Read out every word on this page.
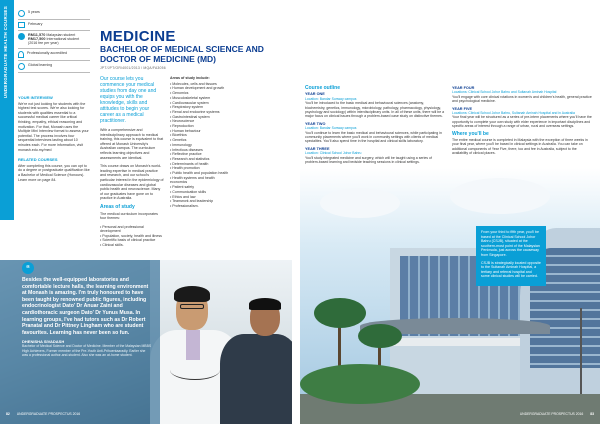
UNDERGRADUATE HEALTH COURSES	5 years
February
RM11,570 Malaysian student
RM17,500 International student
(2016 fee per year)
Professionally accredited
Global learning
YOUR INTERVIEW

We're not just looking for students with the highest test scores. We're also looking for students with qualities essential to a successful medical career like critical thinking, empathy, ethical reasoning and motivation. For that, Monash uses the Multiple Mini Interview format to assess your potential. The process involves four sequential interviews lasting about 10 minutes each. For more information, visit monash.edu.my/med

RELATED COURSES

After completing this course, you can opt to do a degree or postgraduate qualification like a Bachelor of Medical Science (Honours). Learn more on page 84.

MEDICINE
BACHELOR OF MEDICAL SCIENCE AND DOCTOR OF MEDICINE (MD)
JPT/JPT/OR/4001/2013 / MQA/FA3056
Our course lets you commence your medical studies from day one and equips you with the knowledge, skills and attitudes to begin your career as a medical practitioner.

With a comprehensive and interdisciplinary approach to medical training, this course is equivalent to that offered at Monash University's Australian campus. The curriculum reflects learning objectives and assessments are identical.

This course draws on Monash's world-leading expertise in medical practice and research, and our school's particular interest in the epidemiology of cardiovascular diseases and global public health and neuroscience. Many of our graduates have gone on to practice in Australia.

Areas of study

The medical curriculum incorporates four themes:

• Personal and professional development
• Population, society, health and illness
• Scientific basis of clinical practice
• Clinical skills.
Areas of study include:
• Molecules, cells and tissues
• Human development and growth
• Genomics
• Musculoskeletal system
• Cardiovascular system
• Respiratory system
• Renal and endocrine systems
• Gastrointestinal system
• Neuroscience
• Reproduction
• Human behaviour
• Bioethics
• Genetics
• Immunology
• Infectious diseases
• Reflective practice
• Research and statistics
• Determinants of health
• Health promotion
• Public health and population health
• Health systems and health economics
• Patient safety
• Communication skills
• Ethics and law
• Teamwork and leadership
• Professionalism.
Course outline
YEAR ONE
Location: Bandar Sunway campus

You'll be introduced to the basic medical and behavioural sciences (anatomy, biochemistry, genetics, immunology, microbiology, pathology, pharmacology, physiology, psychology and sociology) within interdisciplinary units. In all of these units, there will be a major focus on clinical issues through a problem-based case study on distinctive themes.

YEAR TWO
Location: Bandar Sunway campus

You'll continue to learn the basic medical and behavioural sciences, while participating in community placements where you'll work in community settings with clients of medical specialties. You'll also spend time in the hospital and clinical skills laboratory.

YEAR THREE
Location: Clinical School Johor Bahru

You'll study integrated medicine and surgery, which will be taught using a series of problem-based learning and bedside teaching sessions in clinical settings.

YEAR FOUR
Locations: Clinical School Johor Bahru and Sultanah Aminah Hospital

You'll engage with core clinical rotations in women's and children's health, general practice and psychological medicine.

YEAR FIVE
Locations: Clinical School Johor Bahru, Sultanah Aminah Hospital and in Australia

Your final year will be structured as a series of pre-intern placements where you'll have the opportunity to complete your own study with elder experience in important disciplines and specific areas of interest through a range of urban, rural and overseas settings.

Where you'll be

The entire medical course is completed in Malaysia with the exception of three weeks in your final year, where you'll be based in clinical settings in Australia. You can take on additional components of Year Five, there, too and fee in Australia, subject to the availability of clinical places.

“
Besides the well-equipped laboratories and comfortable lecture halls, the learning environment at Monash is amazing. I'm truly honoured to have been taught by renowned public figures, including endocrinologist Dato' Dr Anuar Zaini and cardiothoracic surgeon Dato' Dr Yunus Musa. In learning groups, I've had tutors such as Dr Robert Pranatal and Dr Pittney Lingham who are student favourites. Learning has never been so fun.
DHENISHA SIVADASH
Bachelor of Medical Science and Doctor of Medicine. Member of the Malaysian MBBS High Achievers, Former member of the Pre-Youth Anti-Prihuentaaradly. Earlier she was a professional author-and-student. Also she was an at-home student.

From your third to fifth year, you'll be based at the Clinical School Johor Bahru (CSJB), situated at the southern-most point of the Malaysian Peninsula, just across the causeway from Singapore.

CSJB is strategically located opposite to the Sultanah Aminah Hospital, a tertiary and referral hospital and some clinical studies will be carried.

82 UNDERGRADUATE PROSPECTUS 2016	UNDERGRADUATE PROSPECTUS 2016 83
